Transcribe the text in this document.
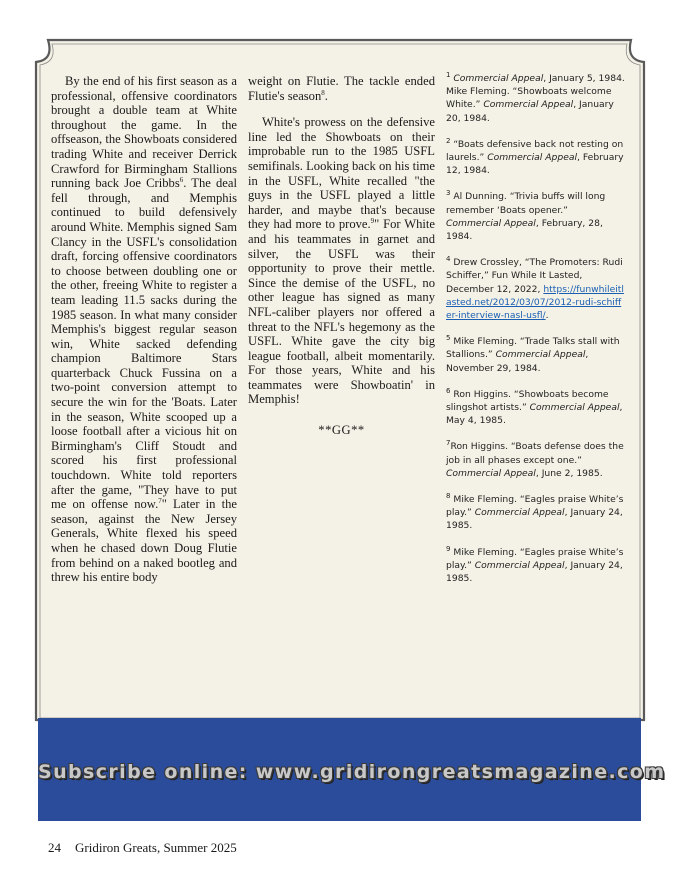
By the end of his first season as a professional, offensive coordinators brought a double team at White throughout the game. In the offseason, the Showboats considered trading White and receiver Derrick Crawford for Birmingham Stallions running back Joe Cribbs$^6$. The deal fell through, and Memphis continued to build defensively around White. Memphis signed Sam Clancy in the USFL's consolidation draft, forcing offensive coordinators to choose between doubling one or the other, freeing White to register a team leading 11.5 sacks during the 1985 season. In what many consider Memphis's biggest regular season win, White sacked defending champion Baltimore Stars quarterback Chuck Fussina on a two-point conversion attempt to secure the win for the 'Boats. Later in the season, White scooped up a loose football after a vicious hit on Birmingham's Cliff Stoudt and scored his first professional touchdown. White told reporters after the game, "They have to put me on offense now.$^7$" Later in the season, against the New Jersey Generals, White flexed his speed when he chased down Doug Flutie from behind on a naked bootleg and threw his entire body

weight on Flutie. The tackle ended Flutie's season$^8$.

White's prowess on the defensive line led the Showboats on their improbable run to the 1985 USFL semifinals. Looking back on his time in the USFL, White recalled "the guys in the USFL played a little harder, and maybe that's because they had more to prove.$^9$" For White and his teammates in garnet and silver, the USFL was their opportunity to prove their mettle. Since the demise of the USFL, no other league has signed as many NFL-caliber players nor offered a threat to the NFL's hegemony as the USFL. White gave the city big league football, albeit momentarily. For those years, White and his teammates were Showboatin' in Memphis!

**GG**

$^1$ Commercial Appeal, January 5, 1984. Mike Fleming. “Showboats welcome White.” Commercial Appeal, January 20, 1984.

$^2$ “Boats defensive back not resting on laurels.” Commercial Appeal, February 12, 1984.

$^3$ Al Dunning. “Trivia buffs will long remember ‘Boats opener.” Commercial Appeal, February, 28, 1984.

$^4$ Drew Crossley, “The Promoters: Rudi Schiffer,” Fun While It Lasted, December 12, 2022, https://funwhileitlasted.net/2012/03/07/2012-rudi-schiffer-interview-nasl-usfl/.

$^5$ Mike Fleming. “Trade Talks stall with Stallions.” Commercial Appeal, November 29, 1984.

$^6$ Ron Higgins. “Showboats become slingshot artists.” Commercial Appeal, May 4, 1985.

$^7$Ron Higgins. “Boats defense does the job in all phases except one.” Commercial Appeal, June 2, 1985.

$^8$ Mike Fleming. “Eagles praise White’s play.” Commercial Appeal, January 24, 1985.

$^9$ Mike Fleming. “Eagles praise White’s play.” Commercial Appeal, January 24, 1985.

Subscribe online: www.gridirongreatsmagazine.com
24 Gridiron Greats, Summer 2025
